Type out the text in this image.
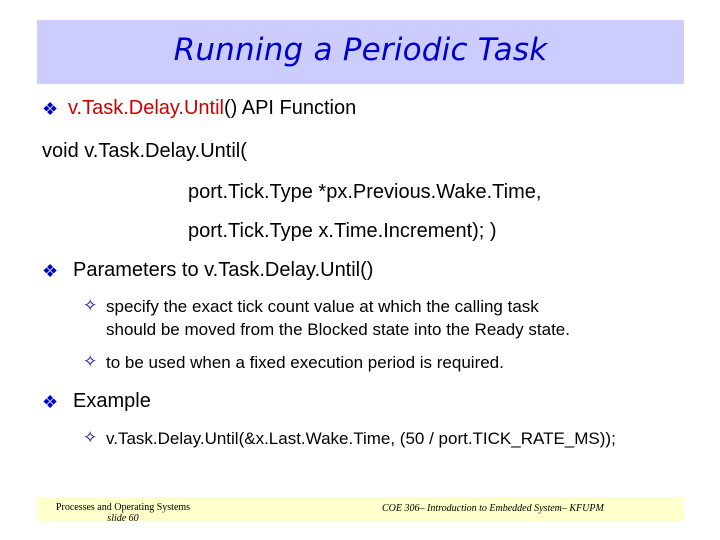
Running a Periodic Task
❖ v.Task.Delay.Until() API Function
void v.Task.Delay.Until(
port.Tick.Type *px.Previous.Wake.Time,
port.Tick.Type x.Time.Increment); )
❖ Parameters to v.Task.Delay.Until()
✧ specify the exact tick count value at which the calling task
should be moved from the Blocked state into the Ready state.
✧ to be used when a fixed execution period is required.
❖ Example
✧ v.Task.Delay.Until(&x.Last.Wake.Time, (50 / port.TICK_RATE_MS));
Processes and Operating Systems
slide 60
COE 306– Introduction to Embedded System– KFUPM
